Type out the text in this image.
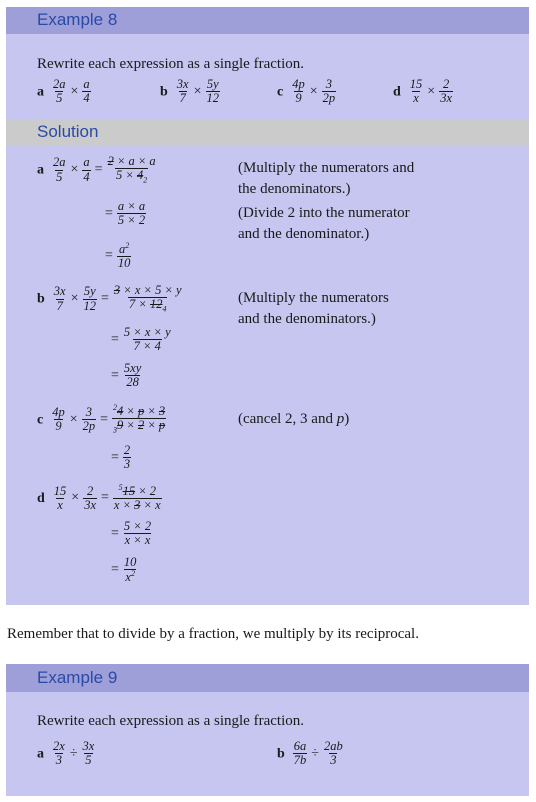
Example 8
Rewrite each expression as a single fraction.
a $\frac{2a}{5} \times \frac{a}{4}$	b $\frac{3x}{7} \times \frac{5y}{12}$	c $\frac{4p}{9} \times \frac{3}{2p}$	d $\frac{15}{x} \times \frac{2}{3x}$
Solution
a $\frac{2a}{5} \times \frac{a}{4} = \frac{2 \times a \times a}{5 \times 4_2}$
= $\frac{a \times a}{5 \times 2}$
= $\frac{a^2}{10}$
(Multiply the numerators and
the denominators.)
(Divide 2 into the numerator
and the denominator.)
b $\frac{3x}{7} \times \frac{5y}{12} = \frac{3 \times x \times 5 \times y}{7 \times 12_4}$
= $\frac{5 \times x \times y}{7 \times 4}$
= $\frac{5xy}{28}$
(Multiply the numerators
and the denominators.)
c $\frac{4p}{9} \times \frac{3}{2p} = \frac{^24 \times p \times 3}{_39 \times 2 \times p}$
= $\frac{2}{3}$
(cancel 2, 3 and p)
d $\frac{15}{x} \times \frac{2}{3x} = \frac{^515 \times 2}{x \times 3 \times x}$
= $\frac{5 \times 2}{x \times x}$
= $\frac{10}{x^2}$
Remember that to divide by a fraction, we multiply by its reciprocal.
Example 9
Rewrite each expression as a single fraction.
a $\frac{2x}{3} \div \frac{3x}{5}$	b $\frac{6a}{7b} \div \frac{2ab}{3}$
